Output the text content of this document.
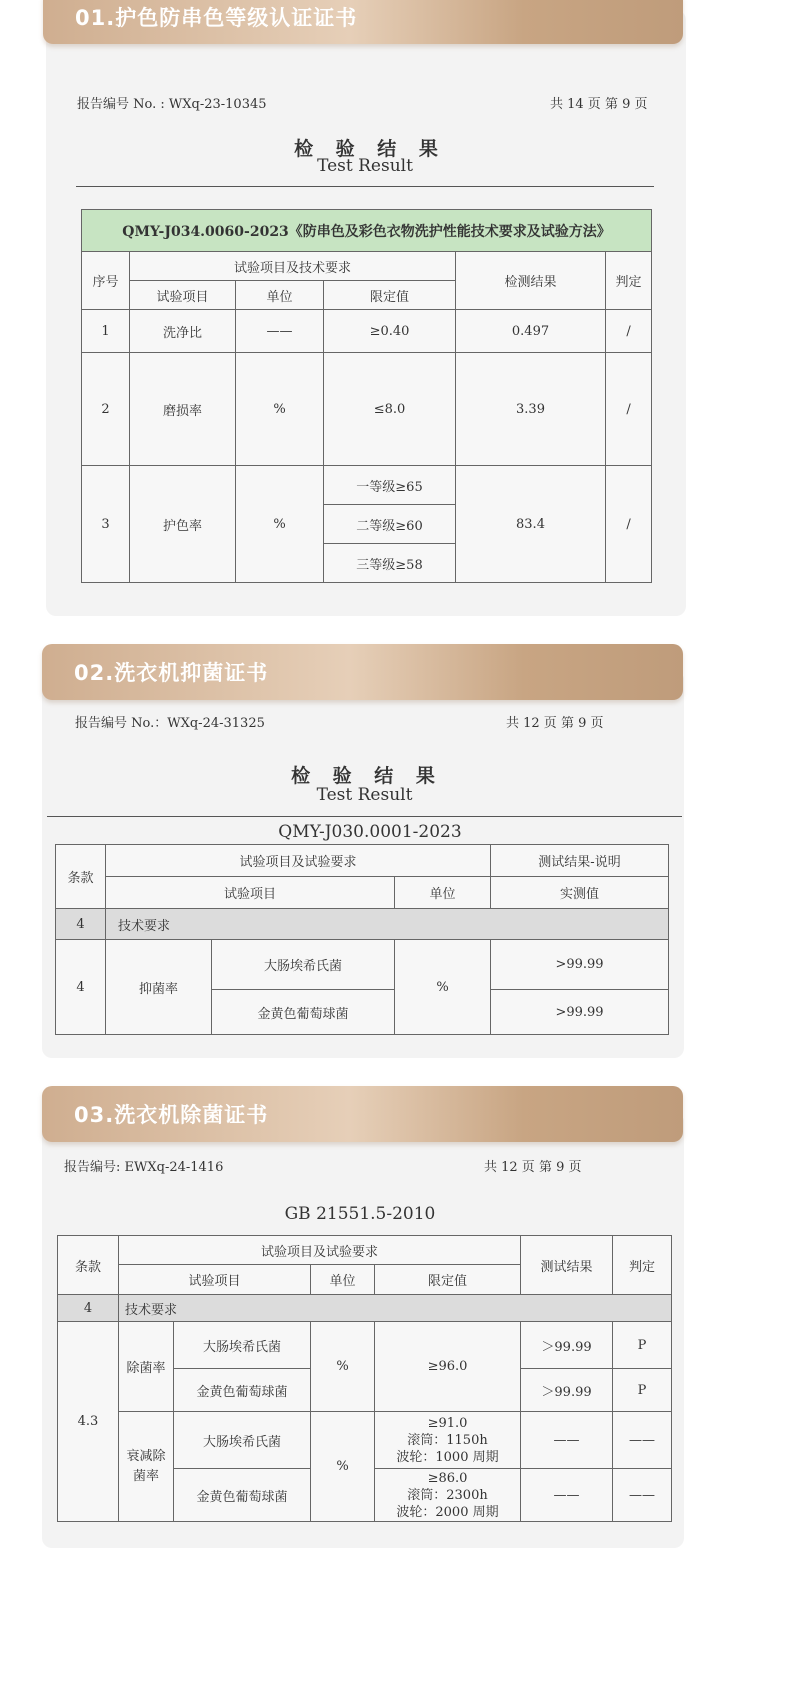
01.护色防串色等级认证证书
报告编号 No. : WXq-23-10345	共 14 页 第 9 页
检 验 结 果
Test Result
QMY-J034.0060-2023《防串色及彩色衣物洗护性能技术要求及试验方法》					
序号	试验项目及技术要求			检测结果	判定
	试验项目	单位	限定值		
1	洗净比	——	≥0.40	0.497	/
2	磨损率	%	≤8.0	3.39	/
3	护色率	%	一等级≥65	83.4	/
			二等级≥60		
			三等级≥58		
02.洗衣机抑菌证书
报告编号 No.：WXq-24-31325	共 12 页 第 9 页
检 验 结 果
Test Result
QMY-J030.0001-2023
条款	试验项目及试验要求			测试结果-说明
	试验项目		单位	实测值
4	技术要求			
4	抑菌率	大肠埃希氏菌	%	>99.99
		金黄色葡萄球菌		>99.99
03.洗衣机除菌证书
报告编号: EWXq-24-1416	共 12 页 第 9 页
GB 21551.5-2010
条款	试验项目及试验要求				测试结果	判定
	试验项目		单位	限定值		
4	技术要求					
4.3	除菌率	大肠埃希氏菌	%	≥96.0	＞99.99	P
		金黄色葡萄球菌			＞99.99	P
	衰减除菌率	大肠埃希氏菌	%	≥91.0
滚筒：1150h
波轮：1000 周期	——	——
		金黄色葡萄球菌		≥86.0
滚筒：2300h
波轮：2000 周期	——	——
